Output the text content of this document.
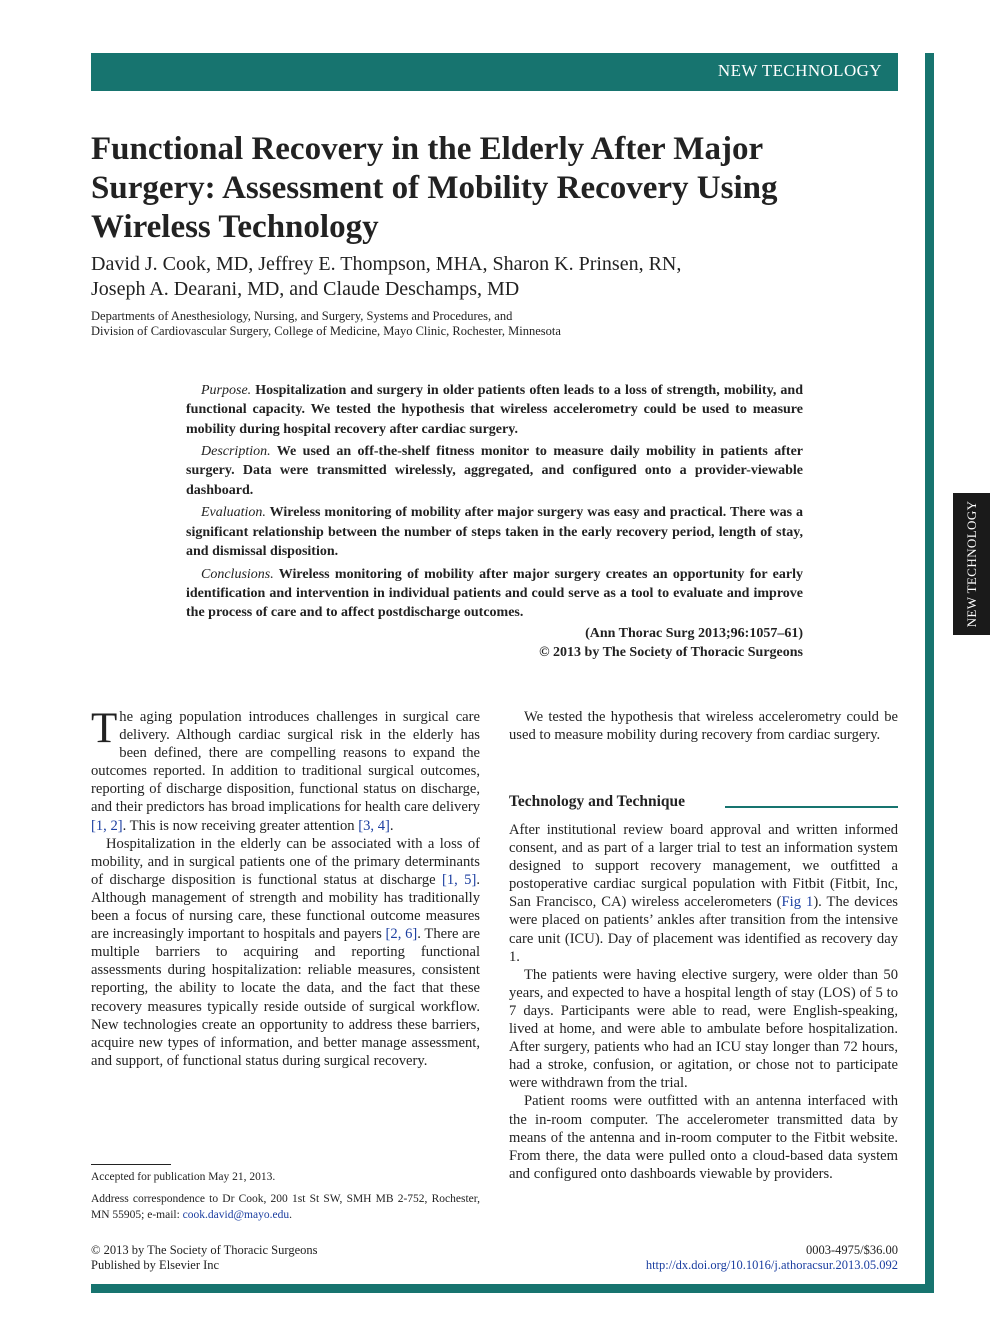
NEW TECHNOLOGY
NEW TECHNOLOGY
Functional Recovery in the Elderly After Major Surgery: Assessment of Mobility Recovery Using Wireless Technology
David J. Cook, MD, Jeffrey E. Thompson, MHA, Sharon K. Prinsen, RN,
Joseph A. Dearani, MD, and Claude Deschamps, MD
Departments of Anesthesiology, Nursing, and Surgery, Systems and Procedures, and
Division of Cardiovascular Surgery, College of Medicine, Mayo Clinic, Rochester, Minnesota

Purpose. Hospitalization and surgery in older patients often leads to a loss of strength, mobility, and functional capacity. We tested the hypothesis that wireless accelerometry could be used to measure mobility during hospital recovery after cardiac surgery.

Description. We used an off-the-shelf fitness monitor to measure daily mobility in patients after surgery. Data were transmitted wirelessly, aggregated, and configured onto a provider-viewable dashboard.

Evaluation. Wireless monitoring of mobility after major surgery was easy and practical. There was a significant relationship between the number of steps taken in the early recovery period, length of stay, and dismissal disposition.

Conclusions. Wireless monitoring of mobility after major surgery creates an opportunity for early identification and intervention in individual patients and could serve as a tool to evaluate and improve the process of care and to affect postdischarge outcomes.

(Ann Thorac Surg 2013;96:1057–61)
© 2013 by The Society of Thoracic Surgeons

The aging population introduces challenges in surgical care delivery. Although cardiac surgical risk in the elderly has been defined, there are compelling reasons to expand the outcomes reported. In addition to traditional surgical outcomes, reporting of discharge disposition, functional status on discharge, and their predictors has broad implications for health care delivery [1, 2]. This is now receiving greater attention [3, 4].

Hospitalization in the elderly can be associated with a loss of mobility, and in surgical patients one of the primary determinants of discharge disposition is functional status at discharge [1, 5]. Although management of strength and mobility has traditionally been a focus of nursing care, these functional outcome measures are increasingly important to hospitals and payers [2, 6]. There are multiple barriers to acquiring and reporting functional assessments during hospitalization: reliable measures, consistent reporting, the ability to locate the data, and the fact that these recovery measures typically reside outside of surgical workflow. New technologies create an opportunity to address these barriers, acquire new types of information, and better manage assessment, and support, of functional status during surgical recovery.

We tested the hypothesis that wireless accelerometry could be used to measure mobility during recovery from cardiac surgery.

Technology and Technique

After institutional review board approval and written informed consent, and as part of a larger trial to test an information system designed to support recovery management, we outfitted a postoperative cardiac surgical population with Fitbit (Fitbit, Inc, San Francisco, CA) wireless accelerometers (Fig 1). The devices were placed on patients’ ankles after transition from the intensive care unit (ICU). Day of placement was identified as recovery day 1.

The patients were having elective surgery, were older than 50 years, and expected to have a hospital length of stay (LOS) of 5 to 7 days. Participants were able to read, were English-speaking, lived at home, and were able to ambulate before hospitalization. After surgery, patients who had an ICU stay longer than 72 hours, had a stroke, confusion, or agitation, or chose not to participate were withdrawn from the trial.

Patient rooms were outfitted with an antenna interfaced with the in-room computer. The accelerometer transmitted data by means of the antenna and in-room computer to the Fitbit website. From there, the data were pulled onto a cloud-based data system and configured onto dashboards viewable by providers.

Accepted for publication May 21, 2013.
Address correspondence to Dr Cook, 200 1st St SW, SMH MB 2-752, Rochester, MN 55905; e-mail: cook.david@mayo.edu.
© 2013 by The Society of Thoracic Surgeons
Published by Elsevier Inc
0003-4975/$36.00
http://dx.doi.org/10.1016/j.athoracsur.2013.05.092
